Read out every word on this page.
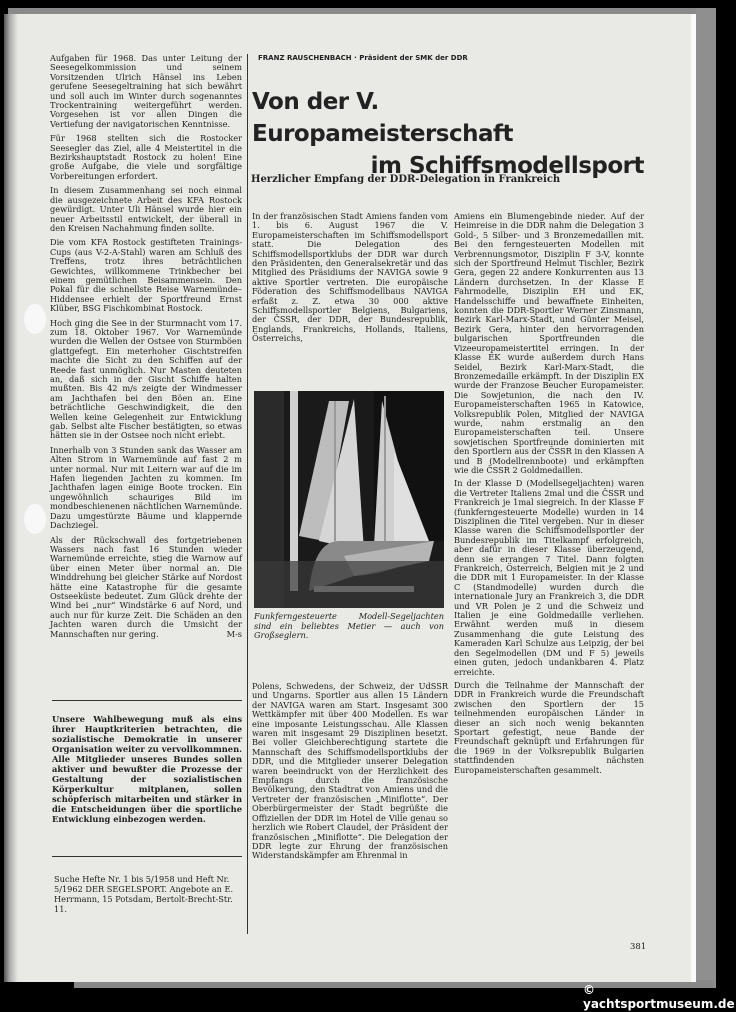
Aufgaben für 1968. Das unter Leitung der Seesegelkommission und seinem Vorsitzenden Ulrich Hänsel ins Leben gerufene Seesegeltraining hat sich bewährt und soll auch im Winter durch sogenanntes Trockentraining weitergeführt werden. Vorgesehen ist vor allen Dingen die Vertiefung der navigatorischen Kenntnisse.

Für 1968 stellten sich die Rostocker Seesegler das Ziel, alle 4 Meistertitel in die Bezirkshauptstadt Rostock zu holen! Eine große Aufgabe, die viele und sorgfältige Vorbereitungen erfordert.

In diesem Zusammenhang sei noch einmal die ausgezeichnete Arbeit des KFA Rostock gewürdigt. Unter Uli Hänsel wurde hier ein neuer Arbeitsstil entwickelt, der überall in den Kreisen Nachahmung finden sollte.

Die vom KFA Rostock gestifteten Trainings-Cups (aus V-2-A-Stahl) waren am Schluß des Treffens, trotz ihres beträchtlichen Gewichtes, willkommene Trinkbecher bei einem gemütlichen Beisammensein. Den Pokal für die schnellste Reise Warnemünde–Hiddensee erhielt der Sportfreund Ernst Klüber, BSG Fischkombinat Rostock.

Hoch ging die See in der Sturmnacht vom 17. zum 18. Oktober 1967. Vor Warnemünde wurden die Wellen der Ostsee von Sturmböen glattgefegt. Ein meterhoher Gischtstreifen machte die Sicht zu den Schiffen auf der Reede fast unmöglich. Nur Masten deuteten an, daß sich in der Gischt Schiffe halten mußten. Bis 42 m/s zeigte der Windmesser am Jachthafen bei den Böen an. Eine beträchtliche Geschwindigkeit, die den Wellen keine Gelegenheit zur Entwicklung gab. Selbst alte Fischer bestätigten, so etwas hätten sie in der Ostsee noch nicht erlebt.

Innerhalb von 3 Stunden sank das Wasser am Alten Strom in Warnemünde auf fast 2 m unter normal. Nur mit Leitern war auf die im Hafen liegenden Jachten zu kommen. Im Jachthafen lagen einige Boote trocken. Ein ungewöhnlich schauriges Bild im mondbeschienenen nächtlichen Warnemünde. Dazu umgestürzte Bäume und klappernde Dachziegel.

Als der Rückschwall des fortgetriebenen Wassers nach fast 16 Stunden wieder Warnemünde erreichte, stieg die Warnow auf über einen Meter über normal an. Die Winddrehung bei gleicher Stärke auf Nordost hätte eine Katastrophe für die gesamte Ostseeküste bedeutet. Zum Glück drehte der Wind bei „nur“ Windstärke 6 auf Nord, und auch nur für kurze Zeit. Die Schäden an den Jachten waren durch die Umsicht der Mannschaften nur gering.	M-s

Unsere Wahlbewegung muß als eins ihrer Hauptkriterien betrachten, die sozialistische Demokratie in unserer Organisation weiter zu vervollkommnen. Alle Mitglieder unseres Bundes sollen aktiver und bewußter die Prozesse der Gestaltung der sozialistischen Körperkultur mitplanen, sollen schöpferisch mitarbeiten und stärker in die Entscheidungen über die sportliche Entwicklung einbezogen werden.
Suche Hefte Nr. 1 bis 5/1958 und Heft Nr. 5/1962 DER SEGELSPORT. Angebote an E. Herrmann, 15 Potsdam, Bertolt-Brecht-Str. 11.
FRANZ RAUSCHENBACH · Präsident der SMK der DDR
Von der V. Europameisterschaft
im Schiffsmodellsport
Herzlicher Empfang der DDR-Delegation in Frankreich

In der französischen Stadt Amiens fanden vom 1. bis 6. August 1967 die V. Europameisterschaften im Schiffsmodellsport statt. Die Delegation des Schiffsmodellsportklubs der DDR war durch den Präsidenten, den Generalsekretär und das Mitglied des Präsidiums der NAVIGA sowie 9 aktive Sportler vertreten. Die europäische Föderation des Schiffsmodellbaus NAVIGA erfaßt z. Z. etwa 30 000 aktive Schiffsmodellsportler Belgiens, Bulgariens, der ČSSR, der DDR, der Bundesrepublik, Englands, Frankreichs, Hollands, Italiens, Österreichs,

Funkferngesteuerte Modell-Segeljachten sind ein beliebtes Metier — auch von Großseglern.

Polens, Schwedens, der Schweiz, der UdSSR und Ungarns. Sportler aus allen 15 Ländern der NAVIGA waren am Start. Insgesamt 300 Wettkämpfer mit über 400 Modellen. Es war eine imposante Leistungsschau. Alle Klassen waren mit insgesamt 29 Disziplinen besetzt. Bei voller Gleichberechtigung startete die Mannschaft des Schiffsmodellsportklubs der DDR, und die Mitglieder unserer Delegation waren beeindruckt von der Herzlichkeit des Empfangs durch die französische Bevölkerung, den Stadtrat von Amiens und die Vertreter der französischen „Miniflotte“. Der Oberbürgermeister der Stadt begrüßte die Offiziellen der DDR im Hotel de Ville genau so herzlich wie Robert Claudel, der Präsident der französischen „Miniflotte“. Die Delegation der DDR legte zur Ehrung der französischen Widerstandskämpfer am Ehrenmal in

Amiens ein Blumengebinde nieder. Auf der Heimreise in die DDR nahm die Delegation 3 Gold-, 5 Silber- und 3 Bronzemedaillen mit. Bei den ferngesteuerten Modellen mit Verbrennungsmotor, Disziplin F 3-V, konnte sich der Sportfreund Helmut Tischler, Bezirk Gera, gegen 22 andere Konkurrenten aus 13 Ländern durchsetzen. In der Klasse E Fahrmodelle, Disziplin EH und EK, Handelsschiffe und bewaffnete Einheiten, konnten die DDR-Sportler Werner Zinsmann, Bezirk Karl-Marx-Stadt, und Günter Meisel, Bezirk Gera, hinter den hervorragenden bulgarischen Sportfreunden die Vizeeuropameistertitel erringen. In der Klasse EK wurde außerdem durch Hans Seidel, Bezirk Karl-Marx-Stadt, die Bronzemedaille erkämpft. In der Disziplin EX wurde der Franzose Beucher Europameister. Die Sowjetunion, die nach den IV. Europameisterschaften 1965 in Katowice, Volksrepublik Polen, Mitglied der NAVIGA wurde, nahm erstmalig an den Europameisterschaften teil. Unsere sowjetischen Sportfreunde dominierten mit den Sportlern aus der ČSSR in den Klassen A und B (Modellrennboote) und erkämpften wie die ČSSR 2 Goldmedaillen.

In der Klasse D (Modellsegeljachten) waren die Vertreter Italiens 2mal und die ČSSR und Frankreich je 1mal siegreich. In der Klasse F (funkferngesteuerte Modelle) wurden in 14 Disziplinen die Titel vergeben. Nur in dieser Klasse waren die Schiffsmodellsportler der Bundesrepublik im Titelkampf erfolgreich, aber dafür in dieser Klasse überzeugend, denn sie errangen 7 Titel. Dann folgten Frankreich, Österreich, Belgien mit je 2 und die DDR mit 1 Europameister. In der Klasse C (Standmodelle) wurden durch die internationale Jury an Frankreich 3, die DDR und VR Polen je 2 und die Schweiz und Italien je eine Goldmedaille verliehen. Erwähnt werden muß in diesem Zusammenhang die gute Leistung des Kameraden Karl Schulze aus Leipzig, der bei den Segelmodellen (DM und F 5) jeweils einen guten, jedoch undankbaren 4. Platz erreichte.

Durch die Teilnahme der Mannschaft der DDR in Frankreich wurde die Freundschaft zwischen den Sportlern der 15 teilnehmenden europäischen Länder in dieser an sich noch wenig bekannten Sportart gefestigt, neue Bande der Freundschaft geknüpft und Erfahrungen für die 1969 in der Volksrepublik Bulgarien stattfindenden nächsten Europameisterschaften gesammelt.

381
© yachtsportmuseum.de
